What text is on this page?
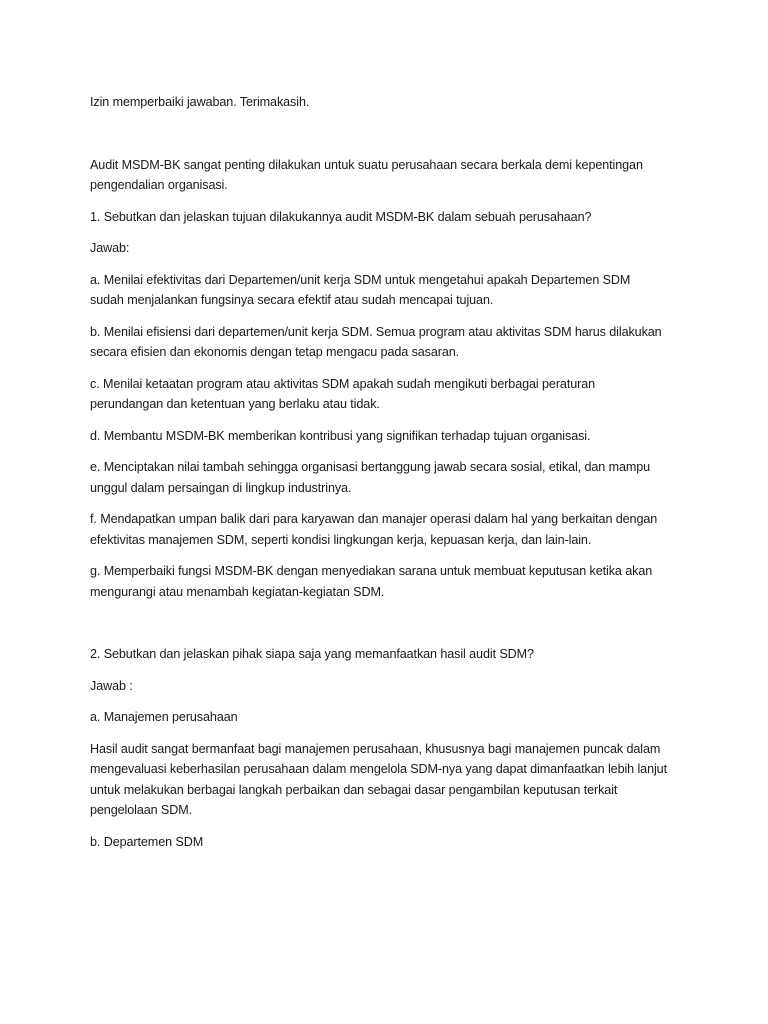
Izin memperbaiki jawaban. Terimakasih.

Audit MSDM-BK sangat penting dilakukan untuk suatu perusahaan secara berkala demi kepentingan

pengendalian organisasi.

1. Sebutkan dan jelaskan tujuan dilakukannya audit MSDM-BK dalam sebuah perusahaan?

Jawab:

a. Menilai efektivitas dari Departemen/unit kerja SDM untuk mengetahui apakah Departemen SDM

sudah menjalankan fungsinya secara efektif atau sudah mencapai tujuan.

b. Menilai efisiensi dari departemen/unit kerja SDM. Semua program atau aktivitas SDM harus dilakukan

secara efisien dan ekonomis dengan tetap mengacu pada sasaran.

c. Menilai ketaatan program atau aktivitas SDM apakah sudah mengikuti berbagai peraturan

perundangan dan ketentuan yang berlaku atau tidak.

d. Membantu MSDM-BK memberikan kontribusi yang signifikan terhadap tujuan organisasi.

e. Menciptakan nilai tambah sehingga organisasi bertanggung jawab secara sosial, etikal, dan mampu

unggul dalam persaingan di lingkup industrinya.

f. Mendapatkan umpan balik dari para karyawan dan manajer operasi dalam hal yang berkaitan dengan

efektivitas manajemen SDM, seperti kondisi lingkungan kerja, kepuasan kerja, dan lain-lain.

g. Memperbaiki fungsi MSDM-BK dengan menyediakan sarana untuk membuat keputusan ketika akan

mengurangi atau menambah kegiatan-kegiatan SDM.

2. Sebutkan dan jelaskan pihak siapa saja yang memanfaatkan hasil audit SDM?

Jawab :

a. Manajemen perusahaan

Hasil audit sangat bermanfaat bagi manajemen perusahaan, khususnya bagi manajemen puncak dalam

mengevaluasi keberhasilan perusahaan dalam mengelola SDM-nya yang dapat dimanfaatkan lebih lanjut

untuk melakukan berbagai langkah perbaikan dan sebagai dasar pengambilan keputusan terkait

pengelolaan SDM.

b. Departemen SDM
